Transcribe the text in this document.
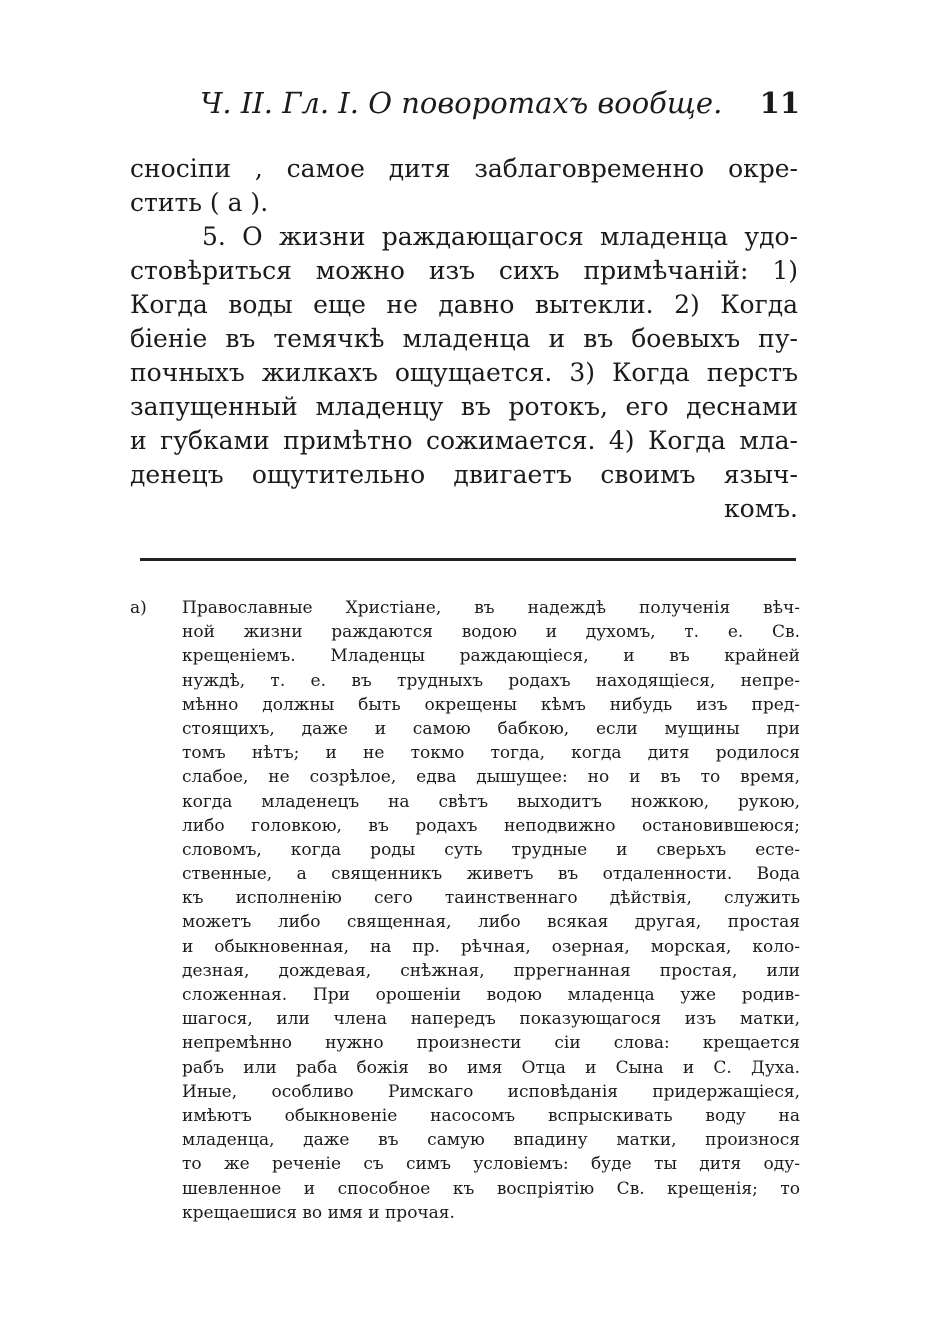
Ч. II. Гл. I. О поворотахъ вообще. 11
сносіпи , самое дитя заблаговременно окре-
стить ( а ).
5. О жизни раждающагося младенца удо-
стовѣриться можно изъ сихъ примѣчаній: 1)
Когда воды еще не давно вытекли. 2) Когда
біеніе въ темячкѣ младенца и въ боевыхъ пу-
почныхъ жилкахъ ощущается. 3) Когда перстъ
запущенный младенцу въ ротокъ, его деснами
и губками примѣтно сожимается. 4) Когда мла-
денецъ ощутительно двигаетъ своимъ языч-
комъ.
а) Православные Христіане, въ надеждѣ полученія вѣч-
ной жизни раждаются водою и духомъ, т. е. Св.
крещеніемъ. Младенцы раждающіеся, и въ крайней
нуждѣ, т. е. въ трудныхъ родахъ находящіеся, непре-
мѣнно должны быть окрещены кѣмъ нибудь изъ пред-
стоящихъ, даже и самою бабкою, если мущины при
томъ нѣтъ; и не токмо тогда, когда дитя родилося
слабое, не созрѣлое, едва дышущее: но и въ то время,
когда младенецъ на свѣтъ выходитъ ножкою, рукою,
либо головкою, въ родахъ неподвижно остановившеюся;
словомъ, когда роды суть трудные и сверьхъ есте-
ственные, а священникъ живетъ въ отдаленности. Вода
къ исполненію сего таинственнаго дѣйствія, служить
можетъ либо священная, либо всякая другая, простая
и обыкновенная, на пр. рѣчная, озерная, морская, коло-
дезная, дождевая, снѣжная, пррегнанная простая, или
сложенная. При орошеніи водою младенца уже родив-
шагося, или члена напередъ показующагося изъ матки,
непремѣнно нужно произнести сіи слова: крещается
рабъ или раба божія во имя Отца и Сына и С. Духа.
Иные, особливо Римскаго исповѣданія придержащіеся,
имѣютъ обыкновеніе насосомъ вспрыскивать воду на
младенца, даже въ самую впадину матки, произнося
то же реченіе съ симъ условіемъ: буде ты дитя оду-
шевленное и способное къ воспріятію Св. крещенія; то
крещаешися во имя и прочая.
